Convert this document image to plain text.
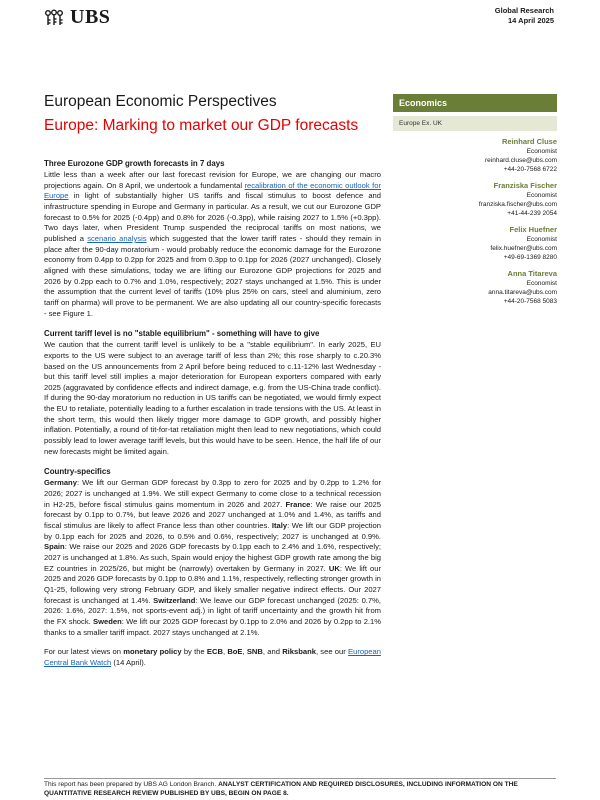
UBS	Global Research
14 April 2025
European Economic Perspectives
Europe: Marking to market our GDP forecasts
Economics
Europe Ex. UK
Reinhard Cluse
Economist
reinhard.cluse@ubs.com
+44-20-7568 6722
Franziska Fischer
Economist
franziska.fischer@ubs.com
+41-44-239 2054
Felix Huefner
Economist
felix.huefner@ubs.com
+49-69-1369 8280
Anna Titareva
Economist
anna.titareva@ubs.com
+44-20-7568 5083
Three Eurozone GDP growth forecasts in 7 days

Little less than a week after our last forecast revision for Europe, we are changing our macro projections again. On 8 April, we undertook a fundamental recalibration of the economic outlook for Europe in light of substantially higher US tariffs and fiscal stimulus to boost defence and infrastructure spending in Europe and Germany in particular. As a result, we cut our Eurozone GDP forecast to 0.5% for 2025 (-0.4pp) and 0.8% for 2026 (-0.3pp), while raising 2027 to 1.5% (+0.3pp). Two days later, when President Trump suspended the reciprocal tariffs on most nations, we published a scenario analysis which suggested that the lower tariff rates - should they remain in place after the 90-day moratorium - would probably reduce the economic damage for the Eurozone economy from 0.4pp to 0.2pp for 2025 and from 0.3pp to 0.1pp for 2026 (2027 unchanged). Closely aligned with these simulations, today we are lifting our Eurozone GDP projections for 2025 and 2026 by 0.2pp each to 0.7% and 1.0%, respectively; 2027 stays unchanged at 1.5%. This is under the assumption that the current level of tariffs (10% plus 25% on cars, steel and aluminium, zero tariff on pharma) will prove to be permanent. We are also updating all our country-specific forecasts - see Figure 1.

Current tariff level is no "stable equilibrium" - something will have to give

We caution that the current tariff level is unlikely to be a "stable equilibrium". In early 2025, EU exports to the US were subject to an average tariff of less than 2%; this rose sharply to c.20.3% based on the US announcements from 2 April before being reduced to c.11-12% last Wednesday - but this tariff level still implies a major deterioration for European exporters compared with early 2025 (aggravated by confidence effects and indirect damage, e.g. from the US-China trade conflict). If during the 90-day moratorium no reduction in US tariffs can be negotiated, we would firmly expect the EU to retaliate, potentially leading to a further escalation in trade tensions with the US. At least in the short term, this would then likely trigger more damage to GDP growth, and possibly higher inflation. Potentially, a round of tit-for-tat retaliation might then lead to new negotiations, which could possibly lead to lower average tariff levels, but this would have to be seen. Hence, the half life of our new forecasts might be limited again.

Country-specifics

Germany: We lift our German GDP forecast by 0.3pp to zero for 2025 and by 0.2pp to 1.2% for 2026; 2027 is unchanged at 1.9%. We still expect Germany to come close to a technical recession in H2-25, before fiscal stimulus gains momentum in 2026 and 2027. France: We raise our 2025 forecast by 0.1pp to 0.7%, but leave 2026 and 2027 unchanged at 1.0% and 1.4%, as tariffs and fiscal stimulus are likely to affect France less than other countries. Italy: We lift our GDP projection by 0.1pp each for 2025 and 2026, to 0.5% and 0.6%, respectively; 2027 is unchanged at 0.9%. Spain: We raise our 2025 and 2026 GDP forecasts by 0.1pp each to 2.4% and 1.6%, respectively; 2027 is unchanged at 1.8%. As such, Spain would enjoy the highest GDP growth rate among the big EZ countries in 2025/26, but might be (narrowly) overtaken by Germany in 2027. UK: We lift our 2025 and 2026 GDP forecasts by 0.1pp to 0.8% and 1.1%, respectively, reflecting stronger growth in Q1-25, following very strong February GDP, and likely smaller negative indirect effects. Our 2027 forecast is unchanged at 1.4%. Switzerland: We leave our GDP forecast unchanged (2025: 0.7%, 2026: 1.6%, 2027: 1.5%, not sports-event adj.) in light of tariff uncertainty and the growth hit from the FX shock. Sweden: We lift our 2025 GDP forecast by 0.1pp to 2.0% and 2026 by 0.2pp to 2.1% thanks to a smaller tariff impact. 2027 stays unchanged at 2.1%.

For our latest views on monetary policy by the ECB, BoE, SNB, and Riksbank, see our European Central Bank Watch (14 April).

This report has been prepared by UBS AG London Branch. ANALYST CERTIFICATION AND REQUIRED DISCLOSURES, INCLUDING INFORMATION ON THE QUANTITATIVE RESEARCH REVIEW PUBLISHED BY UBS, BEGIN ON PAGE 8.
